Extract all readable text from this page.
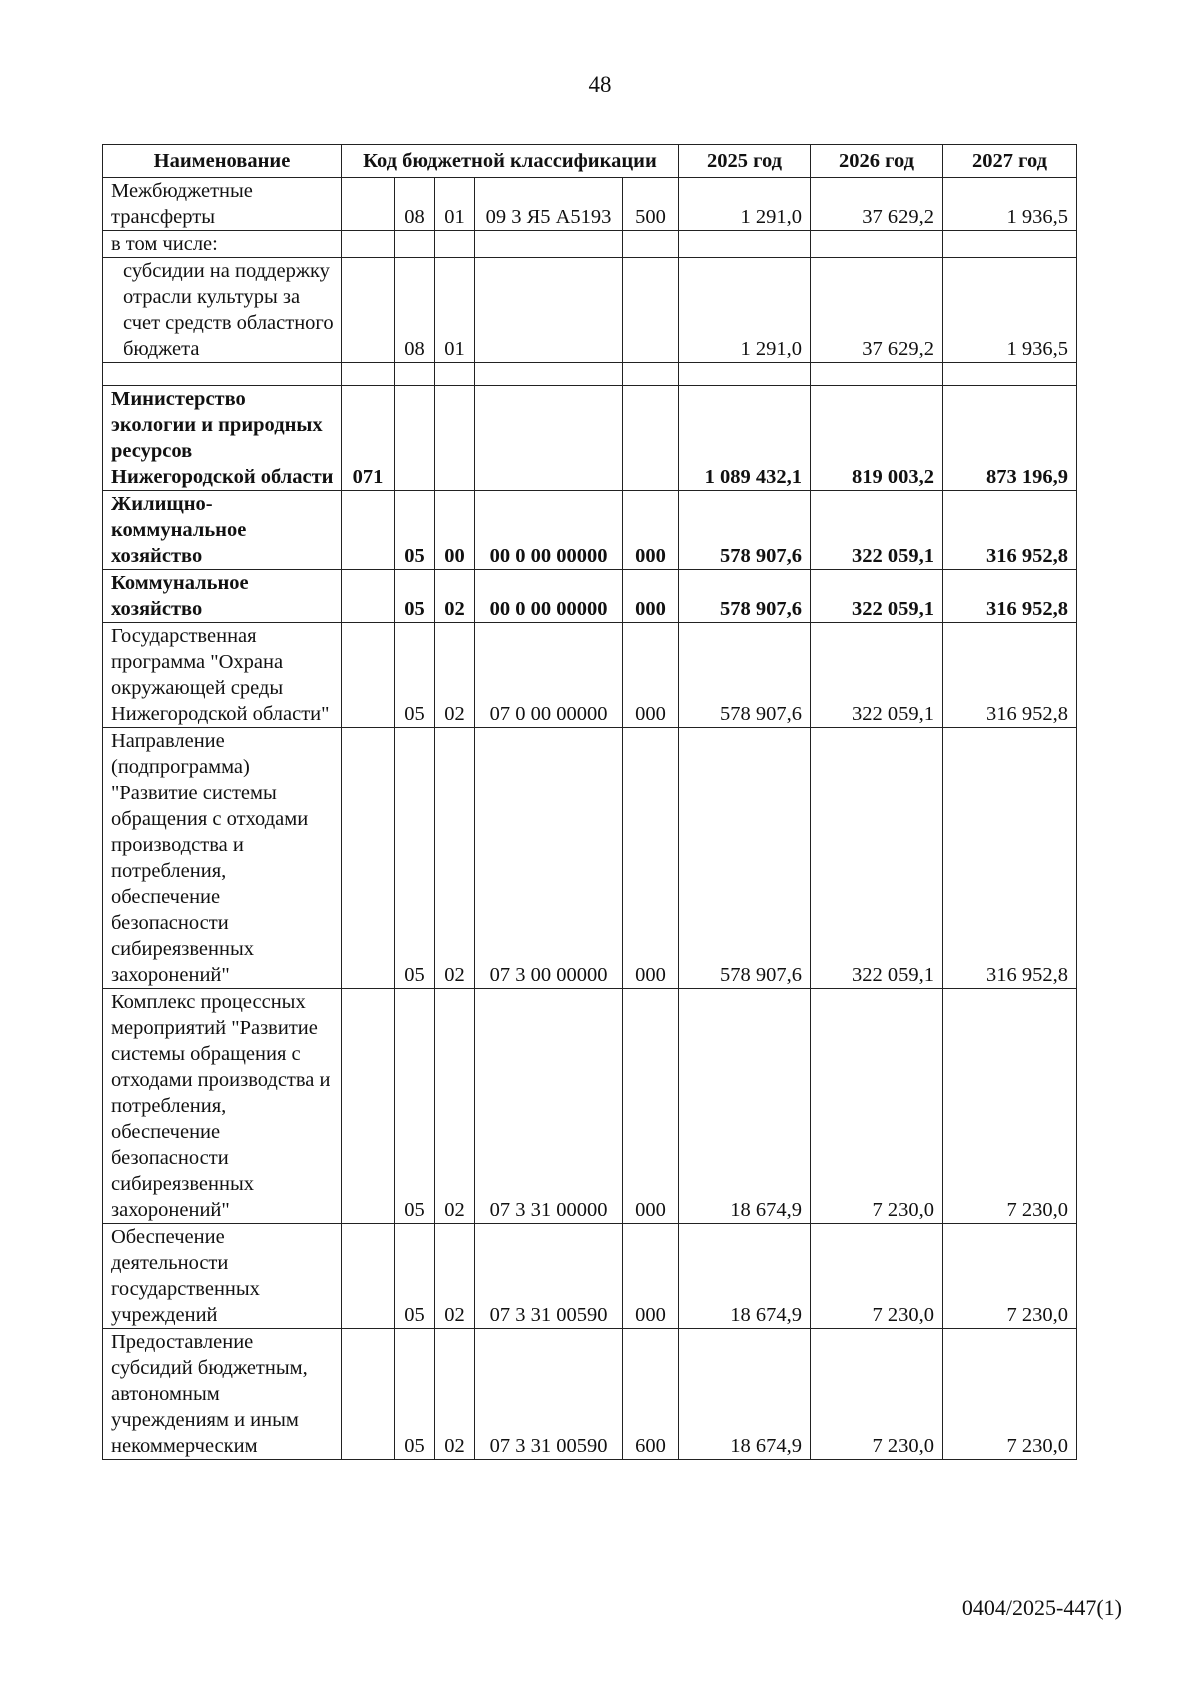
48
Наименование	Код бюджетной классификации					2025 год	2026 год	2027 год
Межбюджетные трансферты		08	01	09 3 Я5 A5193	500	1 291,0	37 629,2	1 936,5
в том числе:								
субсидии на поддержку отрасли культуры за счет средств областного бюджета		08	01			1 291,0	37 629,2	1 936,5

Министерство экологии и природных ресурсов Нижегородской области	071					1 089 432,1	819 003,2	873 196,9
Жилищно-коммунальное хозяйство		05	00	00 0 00 00000	000	578 907,6	322 059,1	316 952,8
Коммунальное хозяйство		05	02	00 0 00 00000	000	578 907,6	322 059,1	316 952,8
Государственная программа "Охрана окружающей среды Нижегородской области"		05	02	07 0 00 00000	000	578 907,6	322 059,1	316 952,8
Направление (подпрограмма) "Развитие системы обращения с отходами производства и потребления, обеспечение безопасности сибиреязвенных захоронений"		05	02	07 3 00 00000	000	578 907,6	322 059,1	316 952,8
Комплекс процессных мероприятий "Развитие системы обращения с отходами производства и потребления, обеспечение безопасности сибиреязвенных захоронений"		05	02	07 3 31 00000	000	18 674,9	7 230,0	7 230,0
Обеспечение деятельности государственных учреждений		05	02	07 3 31 00590	000	18 674,9	7 230,0	7 230,0
Предоставление субсидий бюджетным, автономным учреждениям и иным некоммерческим		05	02	07 3 31 00590	600	18 674,9	7 230,0	7 230,0
0404/2025-447(1)
